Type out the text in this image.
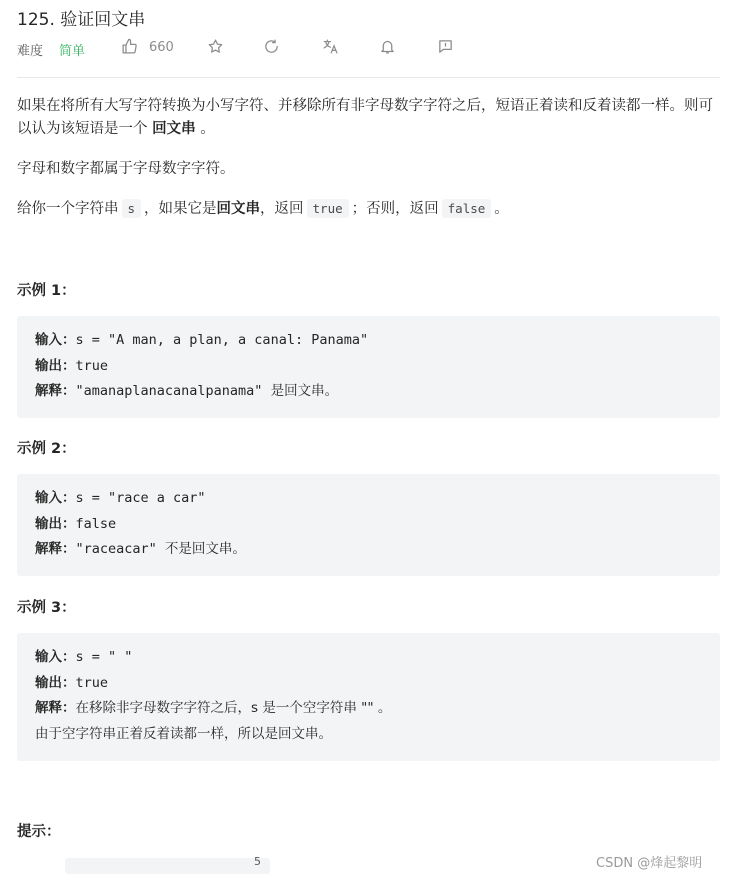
125. 验证回文串
难度 简单	660
如果在将所有大写字符转换为小写字符、并移除所有非字母数字字符之后，短语正着读和反着读都一样。则可以认为该短语是一个 回文串 。
字母和数字都属于字母数字字符。
给你一个字符串 s ，如果它是回文串，返回 true ；否则，返回 false 。
示例 1：
输入：s = "A man, a plan, a canal: Panama"
输出：true
解释："amanaplanacanalpanama" 是回文串。
示例 2：
输入：s = "race a car"
输出：false
解释："raceacar" 不是回文串。
示例 3：
输入：s = " "
输出：true
解释：在移除非字母数字字符之后，s 是一个空字符串 "" 。
由于空字符串正着反着读都一样，所以是回文串。
提示：
5	CSDN @烽起黎明
